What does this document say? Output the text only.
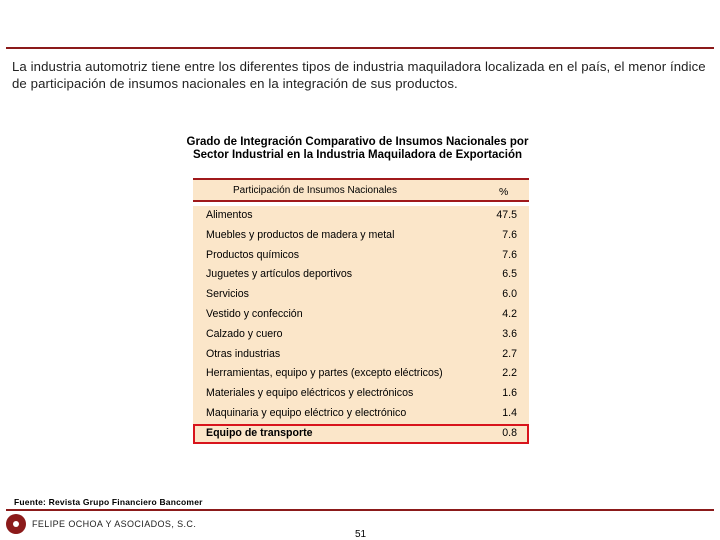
La industria automotriz tiene entre los diferentes tipos de industria maquiladora localizada en el país, el menor índice de participación de insumos nacionales en la integración de sus productos.

Grado de Integración Comparativo de Insumos Nacionales por
Sector Industrial en la Industria Maquiladora de Exportación
Participación de Insumos Nacionales	%
Alimentos	47.5
Muebles y productos de madera y metal	7.6
Productos químicos	7.6
Juguetes y artículos deportivos	6.5
Servicios	6.0
Vestido y confección	4.2
Calzado y cuero	3.6
Otras industrias	2.7
Herramientas, equipo y partes (excepto eléctricos)	2.2
Materiales y equipo eléctricos y electrónicos	1.6
Maquinaria y equipo eléctrico y electrónico	1.4
Equipo de transporte	0.8
Fuente: Revista Grupo Financiero Bancomer
FELIPE OCHOA Y ASOCIADOS, S.C.
51
